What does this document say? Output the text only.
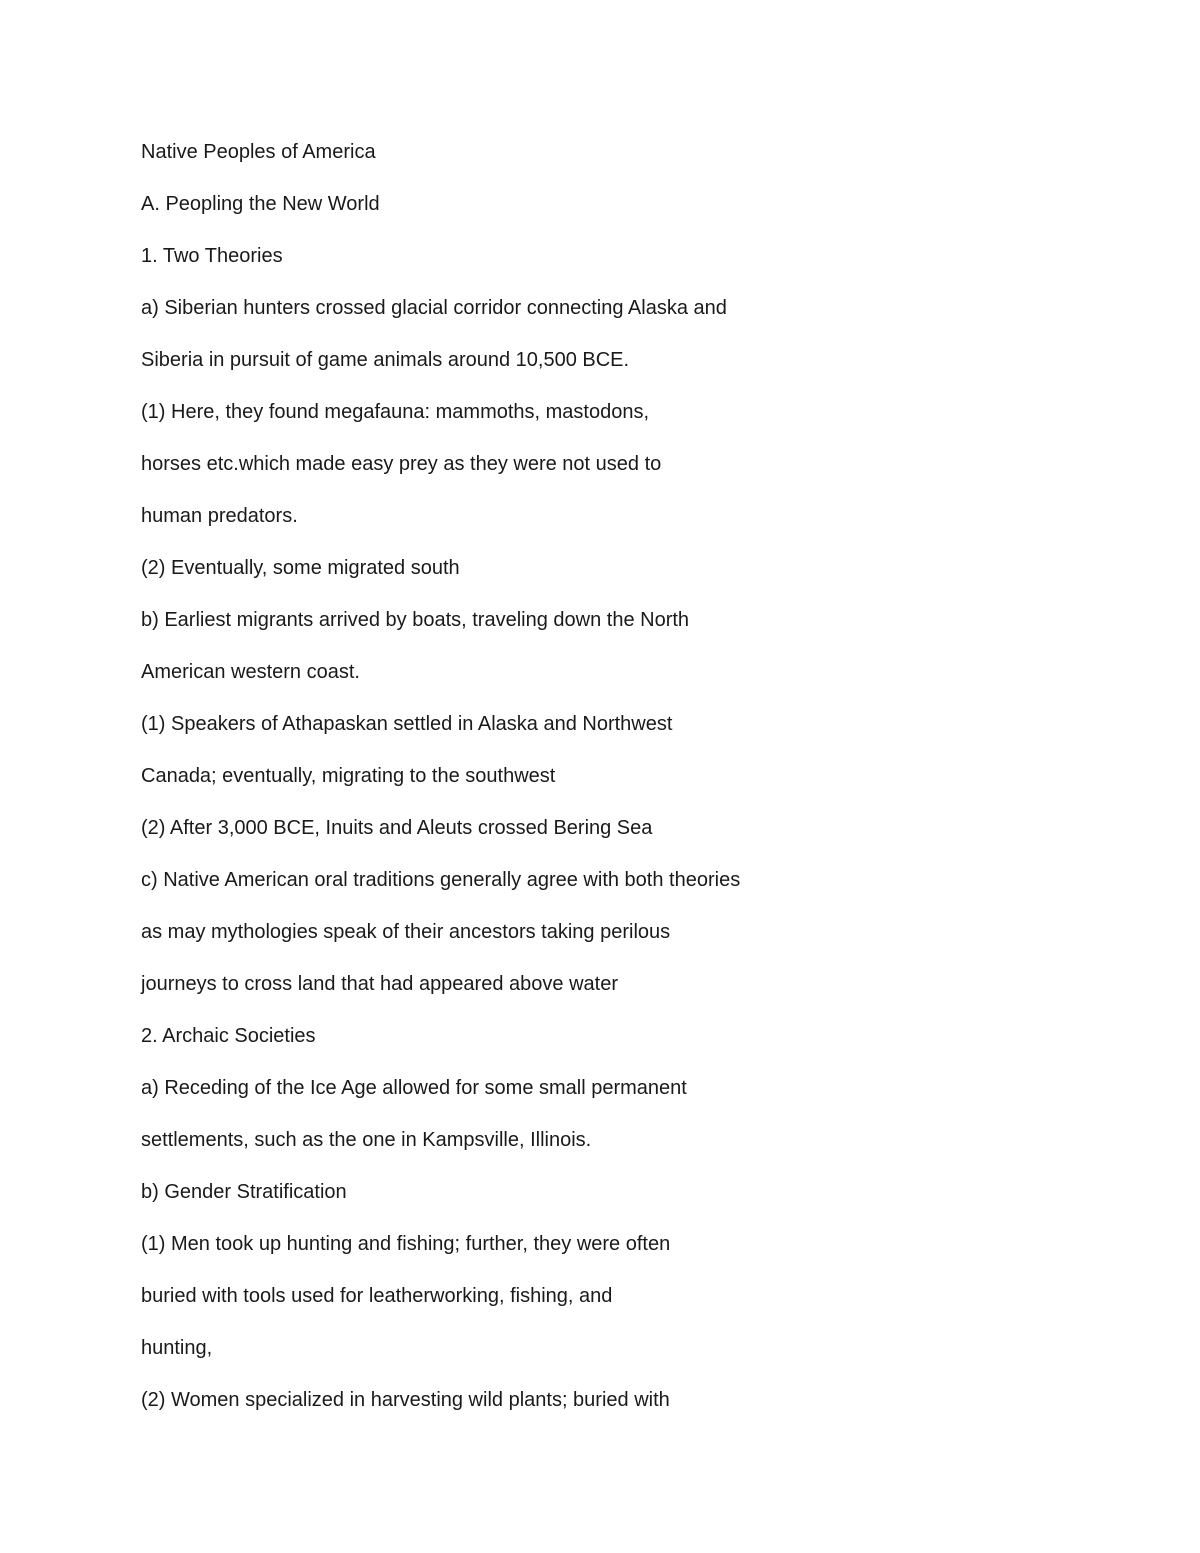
Native Peoples of America
A. Peopling the New World
1. Two Theories
a) Siberian hunters crossed glacial corridor connecting Alaska and
Siberia in pursuit of game animals around 10,500 BCE.
(1) Here, they found megafauna: mammoths, mastodons,
horses etc.which made easy prey as they were not used to
human predators.
(2) Eventually, some migrated south
b) Earliest migrants arrived by boats, traveling down the North
American western coast.
(1) Speakers of Athapaskan settled in Alaska and Northwest
Canada; eventually, migrating to the southwest
(2) After 3,000 BCE, Inuits and Aleuts crossed Bering Sea
c) Native American oral traditions generally agree with both theories
as may mythologies speak of their ancestors taking perilous
journeys to cross land that had appeared above water
2. Archaic Societies
a) Receding of the Ice Age allowed for some small permanent
settlements, such as the one in Kampsville, Illinois.
b) Gender Stratification
(1) Men took up hunting and fishing; further, they were often
buried with tools used for leatherworking, fishing, and
hunting,
(2) Women specialized in harvesting wild plants; buried with
